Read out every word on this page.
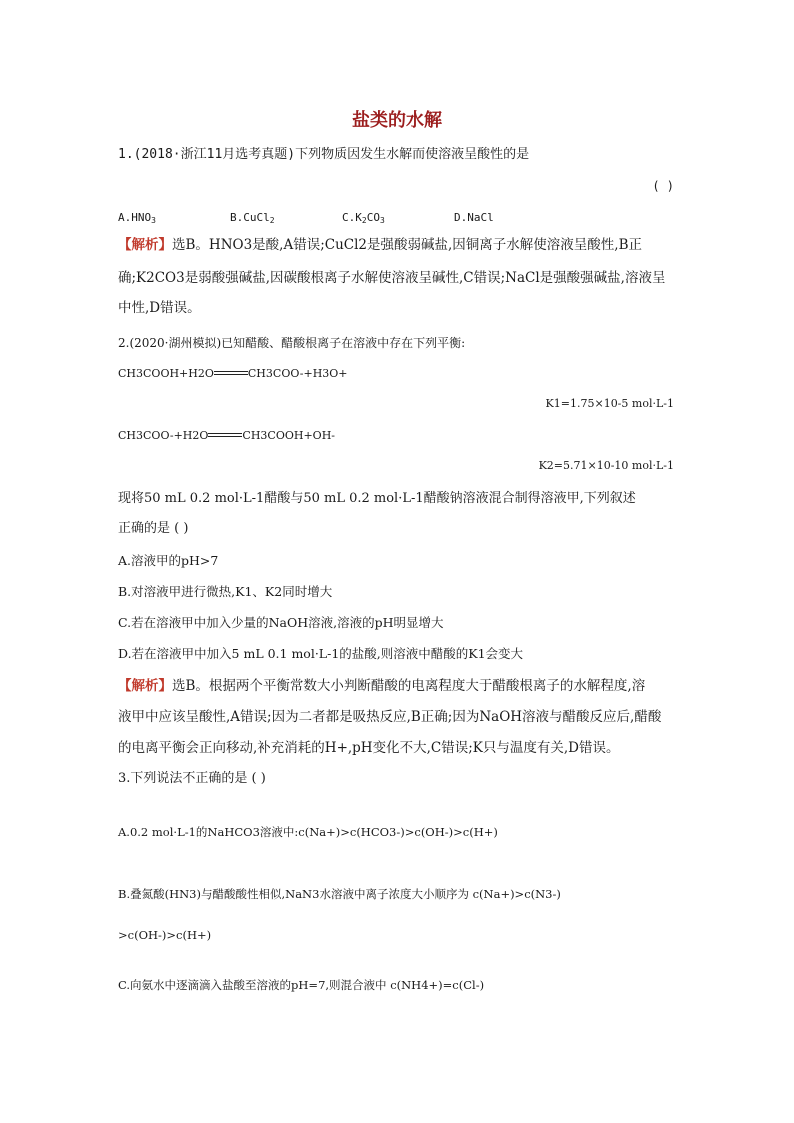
盐类的水解
1.(2018·浙江11月选考真题)下列物质因发生水解而使溶液呈酸性的是
( )
$A.HNO_3$	B.CuCl$_2$	$C.K_2CO_3$	D.NaCl
【解析】选B。HNO3是酸,A错误;CuCl2是强酸弱碱盐,因铜离子水解使溶液呈酸性,B正
确;K2CO3是弱酸强碱盐,因碳酸根离子水解使溶液呈碱性,C错误;NaCl是强酸强碱盐,溶液呈
中性,D错误。
2.(2020·湖州模拟)已知醋酸、醋酸根离子在溶液中存在下列平衡:
CH3COOH+H2O	CH3COO-+H3O+
K1=1.75×10-5 mol·L-1
CH3COO-+H2O	CH3COOH+OH-
K2=5.71×10-10 mol·L-1
现将50 mL 0.2 mol·L-1醋酸与50 mL 0.2 mol·L-1醋酸钠溶液混合制得溶液甲,下列叙述
正确的是 ( )
A.溶液甲的pH>7
B.对溶液甲进行微热,K1、K2同时增大
C.若在溶液甲中加入少量的NaOH溶液,溶液的pH明显增大
D.若在溶液甲中加入5 mL 0.1 mol·L-1的盐酸,则溶液中醋酸的K1会变大
【解析】选B。根据两个平衡常数大小判断醋酸的电离程度大于醋酸根离子的水解程度,溶
液甲中应该呈酸性,A错误;因为二者都是吸热反应,B正确;因为NaOH溶液与醋酸反应后,醋酸
的电离平衡会正向移动,补充消耗的H+,pH变化不大,C错误;K只与温度有关,D错误。
3.下列说法不正确的是 ( )
A.0.2 mol·L-1的NaHCO3溶液中:c(Na+)>c(HCO3-)>c(OH-)>c(H+)
B.叠氮酸(HN3)与醋酸酸性相似,NaN3水溶液中离子浓度大小顺序为 c(Na+)>c(N3-)
>c(OH-)>c(H+)
C.向氨水中逐滴滴入盐酸至溶液的pH=7,则混合液中 c(NH4+)=c(Cl-)
